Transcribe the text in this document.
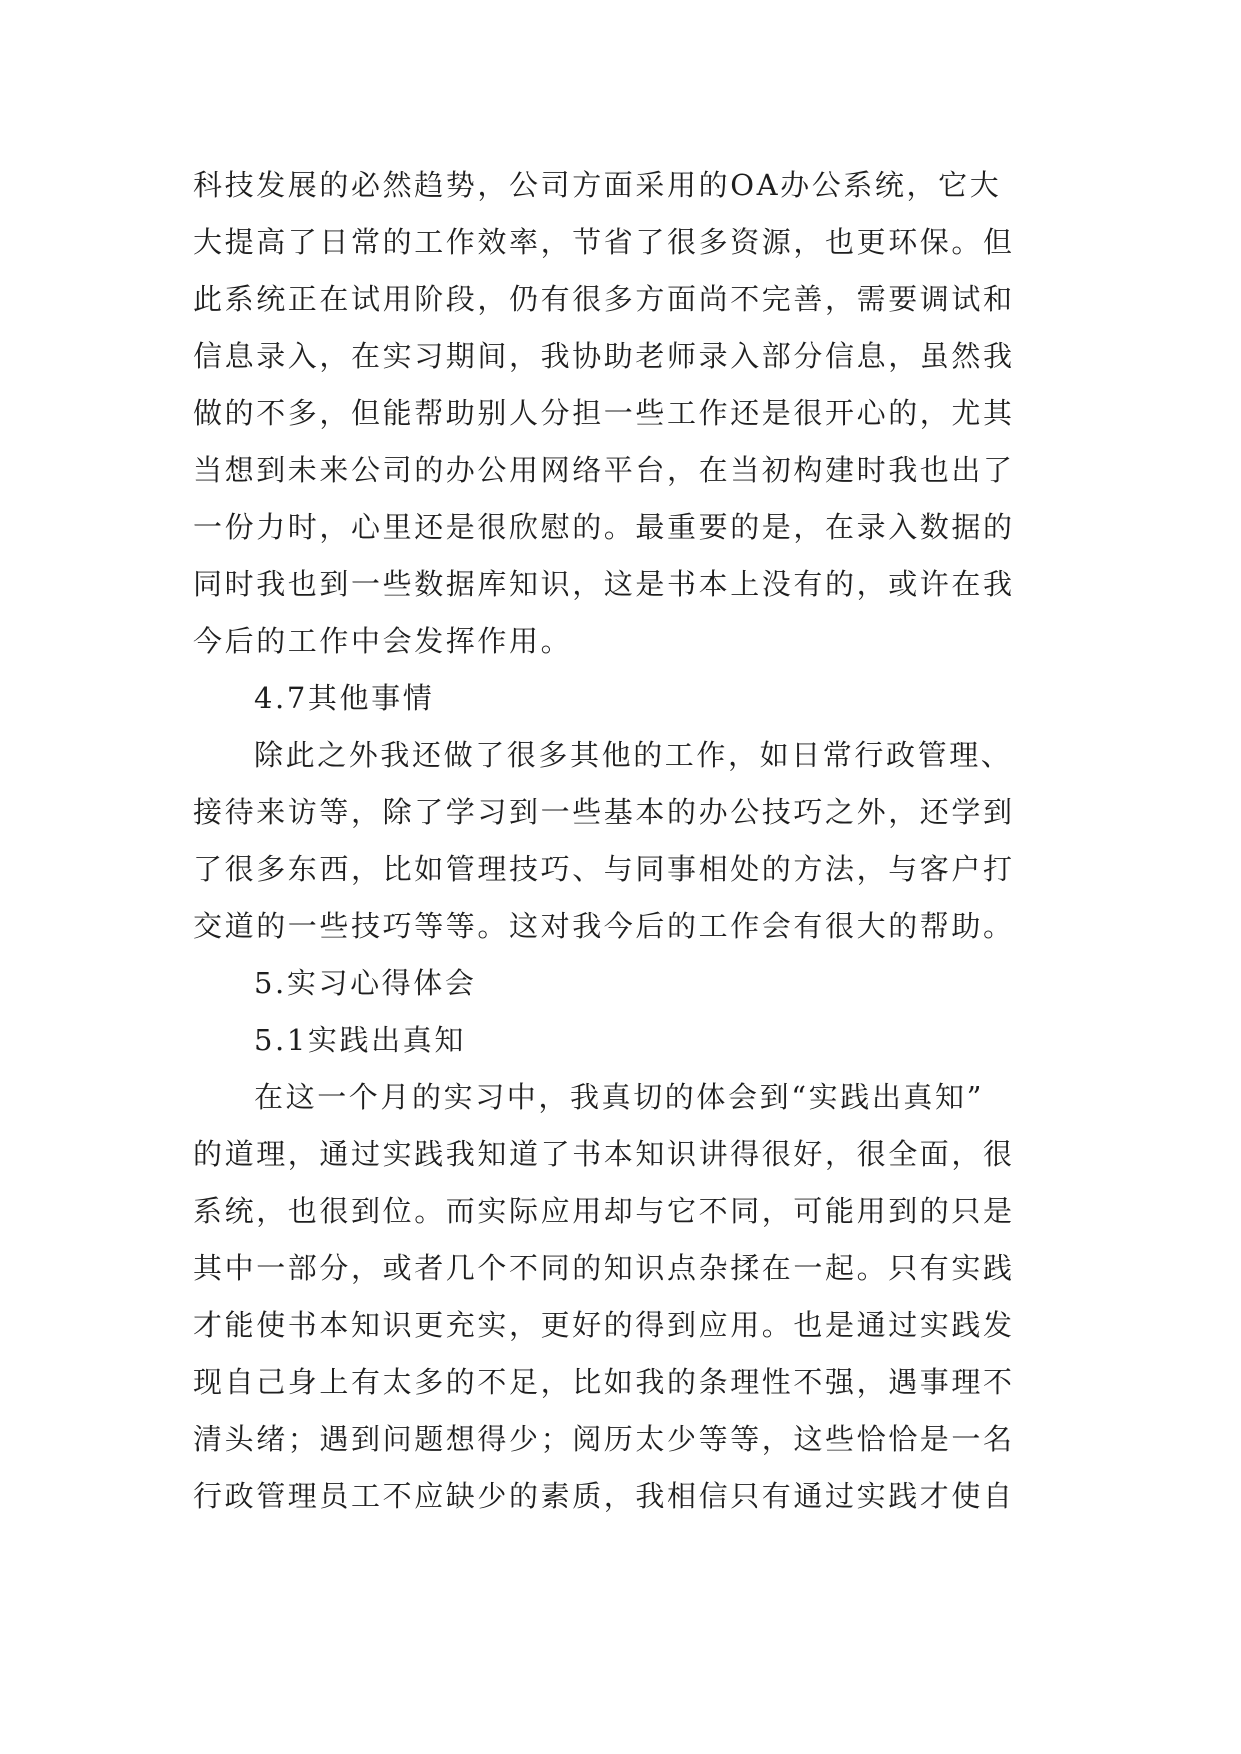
科技发展的必然趋势，公司方面采用的OA办公系统，它大
大提高了日常的工作效率，节省了很多资源，也更环保。但
此系统正在试用阶段，仍有很多方面尚不完善，需要调试和
信息录入，在实习期间，我协助老师录入部分信息，虽然我
做的不多，但能帮助别人分担一些工作还是很开心的，尤其
当想到未来公司的办公用网络平台，在当初构建时我也出了
一份力时，心里还是很欣慰的。最重要的是，在录入数据的
同时我也到一些数据库知识，这是书本上没有的，或许在我
今后的工作中会发挥作用。
4.7其他事情
除此之外我还做了很多其他的工作，如日常行政管理、
接待来访等，除了学习到一些基本的办公技巧之外，还学到
了很多东西，比如管理技巧、与同事相处的方法，与客户打
交道的一些技巧等等。这对我今后的工作会有很大的帮助。
5.实习心得体会
5.1实践出真知
在这一个月的实习中，我真切的体会到“实践出真知”
的道理，通过实践我知道了书本知识讲得很好，很全面，很
系统，也很到位。而实际应用却与它不同，可能用到的只是
其中一部分，或者几个不同的知识点杂揉在一起。只有实践
才能使书本知识更充实，更好的得到应用。也是通过实践发
现自己身上有太多的不足，比如我的条理性不强，遇事理不
清头绪；遇到问题想得少；阅历太少等等，这些恰恰是一名
行政管理员工不应缺少的素质，我相信只有通过实践才使自
